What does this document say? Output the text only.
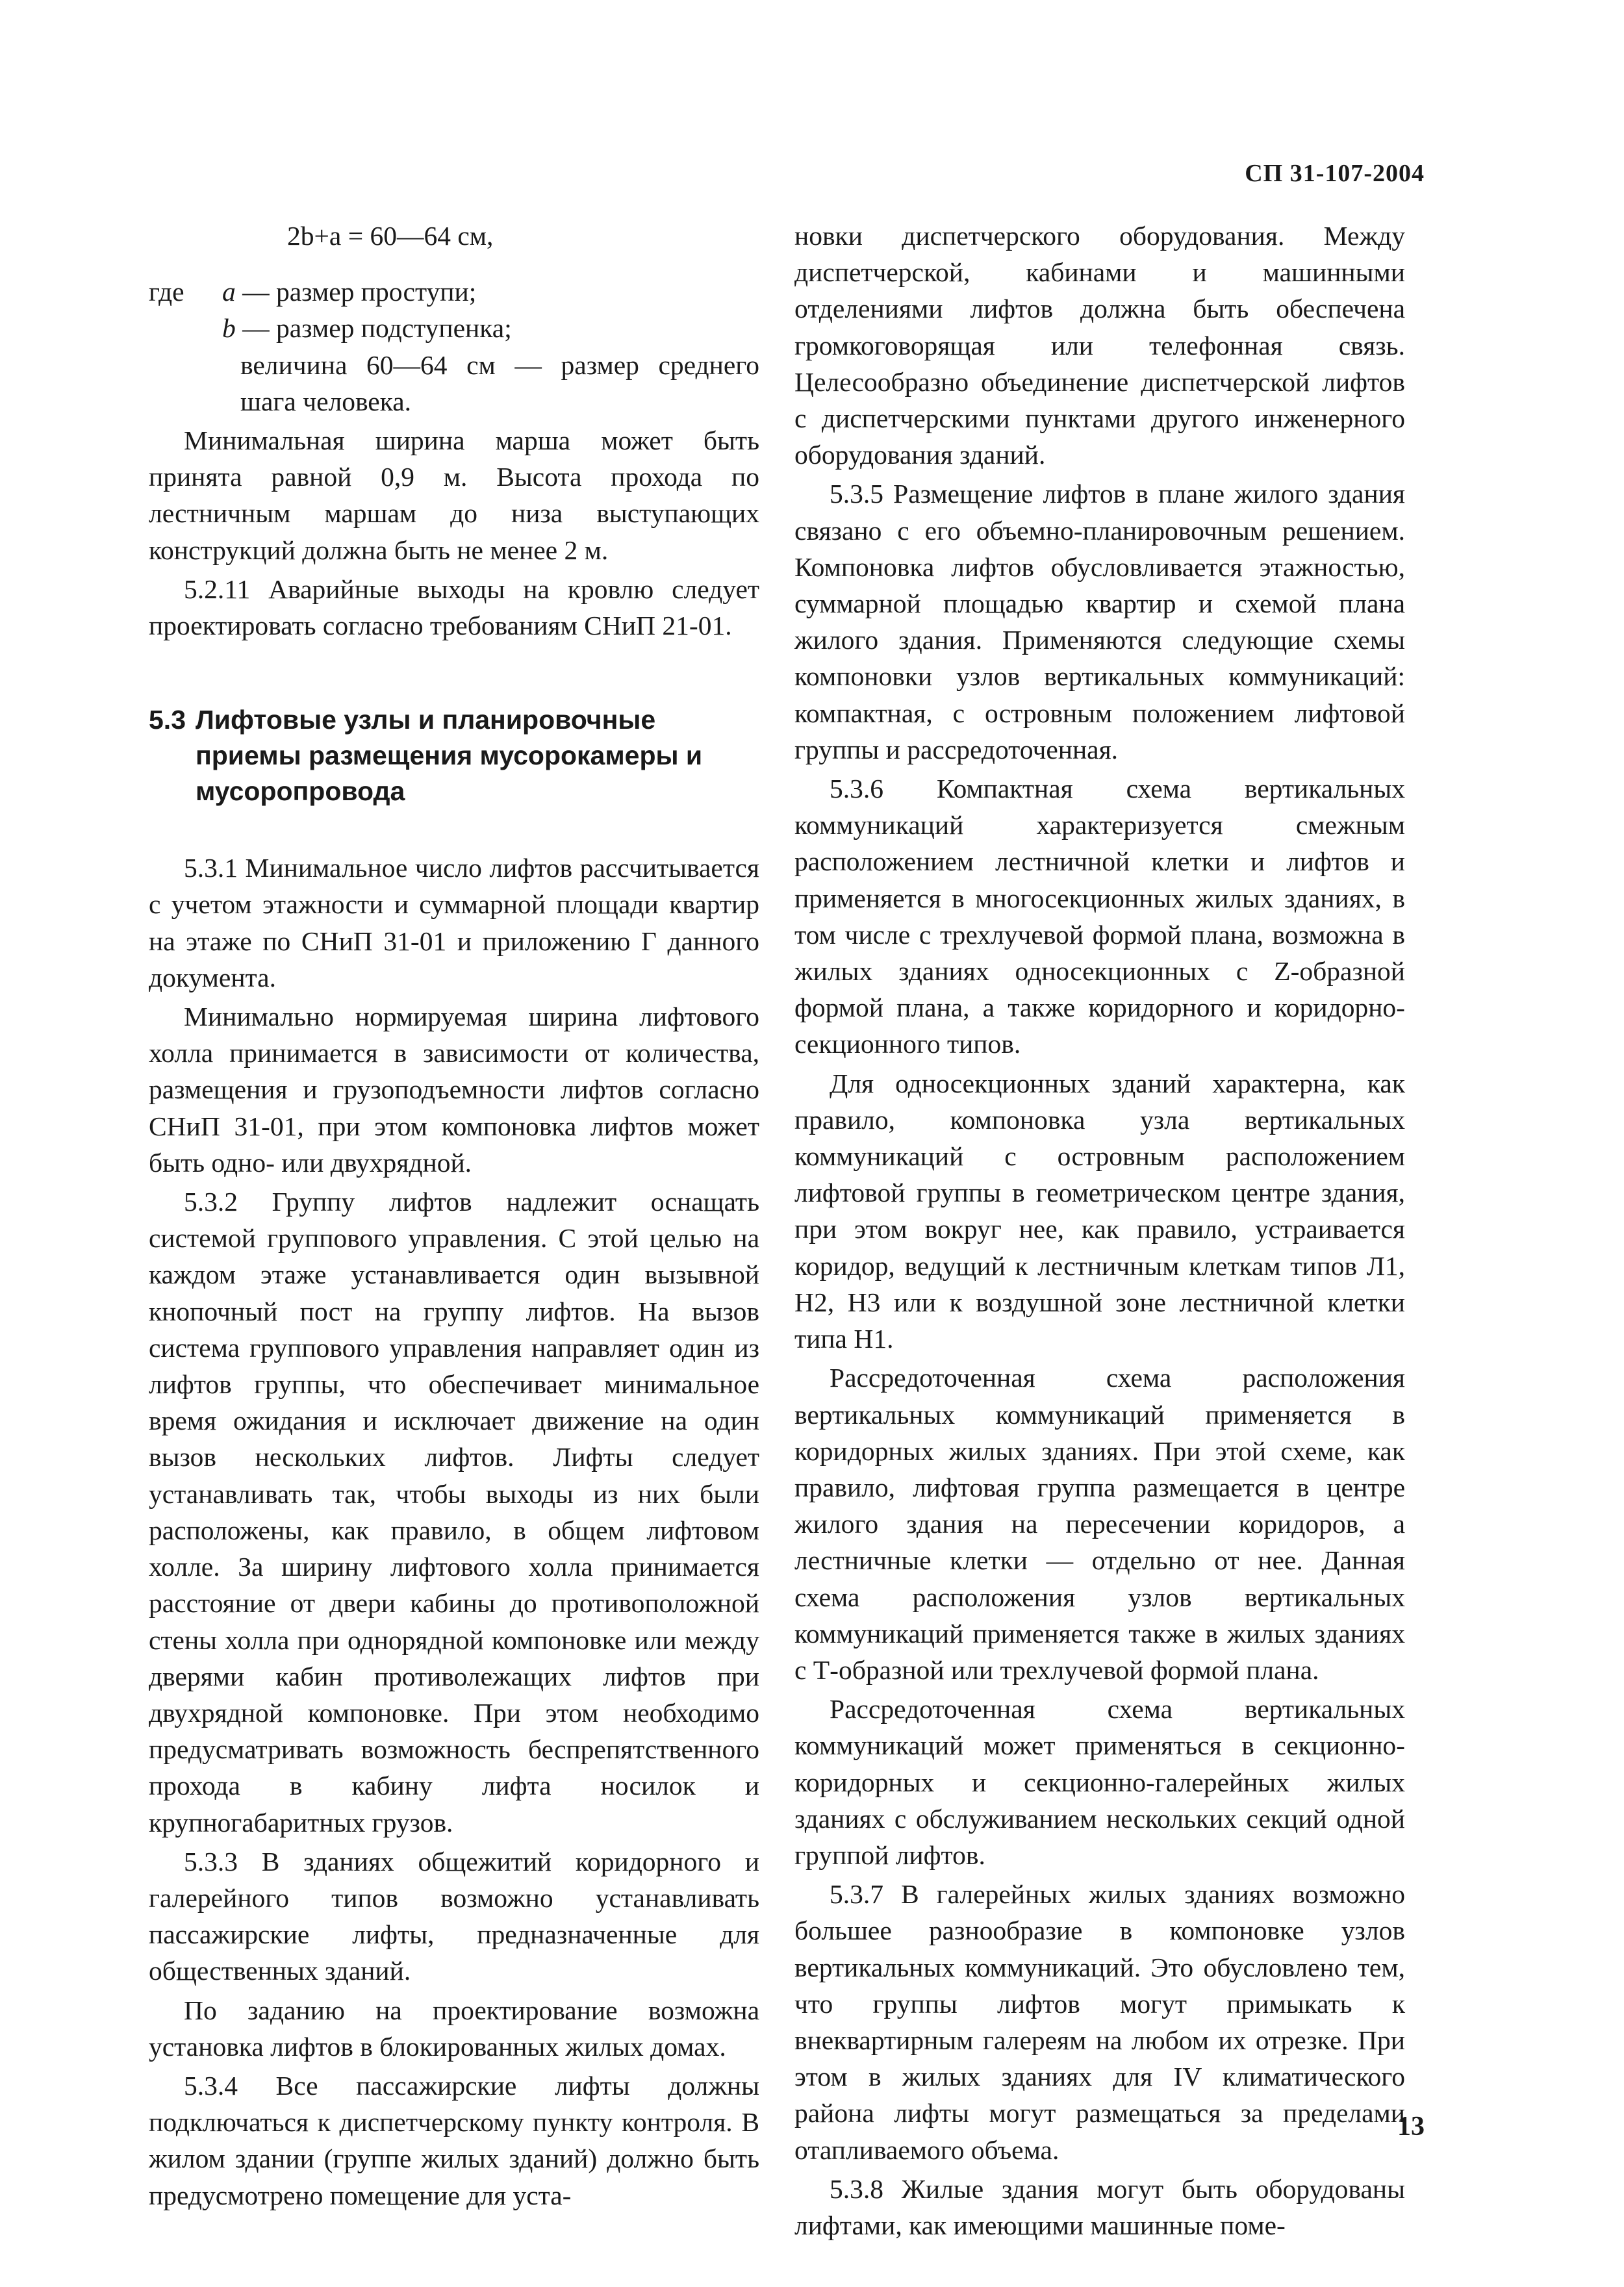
СП 31-107-2004

2b+a = 60—64 см,

где	a — размер проступи;
b — размер подступенка;

величина 60—64 см — размер среднего шага человека.

Минимальная ширина марша может быть принята равной 0,9 м. Высота прохода по лестничным маршам до низа выступающих конструкций должна быть не менее 2 м.

5.2.11 Аварийные выходы на кровлю следует проектировать согласно требованиям СНиП 21-01.

5.3 Лифтовые узлы и планировочные приемы размещения мусорокамеры и мусоропровода

5.3.1 Минимальное число лифтов рассчитывается с учетом этажности и суммарной площади квартир на этаже по СНиП 31-01 и приложению Г данного документа.

Минимально нормируемая ширина лифтового холла принимается в зависимости от количества, размещения и грузоподъемности лифтов согласно СНиП 31-01, при этом компоновка лифтов может быть одно- или двухрядной.

5.3.2 Группу лифтов надлежит оснащать системой группового управления. С этой целью на каждом этаже устанавливается один вызывной кнопочный пост на группу лифтов. На вызов система группового управления направляет один из лифтов группы, что обеспечивает минимальное время ожидания и исключает движение на один вызов нескольких лифтов. Лифты следует устанавливать так, чтобы выходы из них были расположены, как правило, в общем лифтовом холле. За ширину лифтового холла принимается расстояние от двери кабины до противоположной стены холла при однорядной компоновке или между дверями кабин противолежащих лифтов при двухрядной компоновке. При этом необходимо предусматривать возможность беспрепятственного прохода в кабину лифта носилок и крупногабаритных грузов.

5.3.3 В зданиях общежитий коридорного и галерейного типов возможно устанавливать пассажирские лифты, предназначенные для общественных зданий.

По заданию на проектирование возможна установка лифтов в блокированных жилых домах.

5.3.4 Все пассажирские лифты должны подключаться к диспетчерскому пункту контроля. В жилом здании (группе жилых зданий) должно быть предусмотрено помещение для уста-

новки диспетчерского оборудования. Между диспетчерской, кабинами и машинными отделениями лифтов должна быть обеспечена громкоговорящая или телефонная связь. Целесообразно объединение диспетчерской лифтов с диспетчерскими пунктами другого инженерного оборудования зданий.

5.3.5 Размещение лифтов в плане жилого здания связано с его объемно-планировочным решением. Компоновка лифтов обусловливается этажностью, суммарной площадью квартир и схемой плана жилого здания. Применяются следующие схемы компоновки узлов вертикальных коммуникаций: компактная, с островным положением лифтовой группы и рассредоточенная.

5.3.6 Компактная схема вертикальных коммуникаций характеризуется смежным расположением лестничной клетки и лифтов и применяется в многосекционных жилых зданиях, в том числе с трехлучевой формой плана, возможна в жилых зданиях односекционных с Z-образной формой плана, а также коридорного и коридорно-секционного типов.

Для односекционных зданий характерна, как правило, компоновка узла вертикальных коммуникаций с островным расположением лифтовой группы в геометрическом центре здания, при этом вокруг нее, как правило, устраивается коридор, ведущий к лестничным клеткам типов Л1, Н2, Н3 или к воздушной зоне лестничной клетки типа Н1.

Рассредоточенная схема расположения вертикальных коммуникаций применяется в коридорных жилых зданиях. При этой схеме, как правило, лифтовая группа размещается в центре жилого здания на пересечении коридоров, а лестничные клетки — отдельно от нее. Данная схема расположения узлов вертикальных коммуникаций применяется также в жилых зданиях с Т-образной или трехлучевой формой плана.

Рассредоточенная схема вертикальных коммуникаций может применяться в секционно-коридорных и секционно-галерейных жилых зданиях с обслуживанием нескольких секций одной группой лифтов.

5.3.7 В галерейных жилых зданиях возможно большее разнообразие в компоновке узлов вертикальных коммуникаций. Это обусловлено тем, что группы лифтов могут примыкать к внеквартирным галереям на любом их отрезке. При этом в жилых зданиях для IV климатического района лифты могут размещаться за пределами отапливаемого объема.

5.3.8 Жилые здания могут быть оборудованы лифтами, как имеющими машинные поме-

13
